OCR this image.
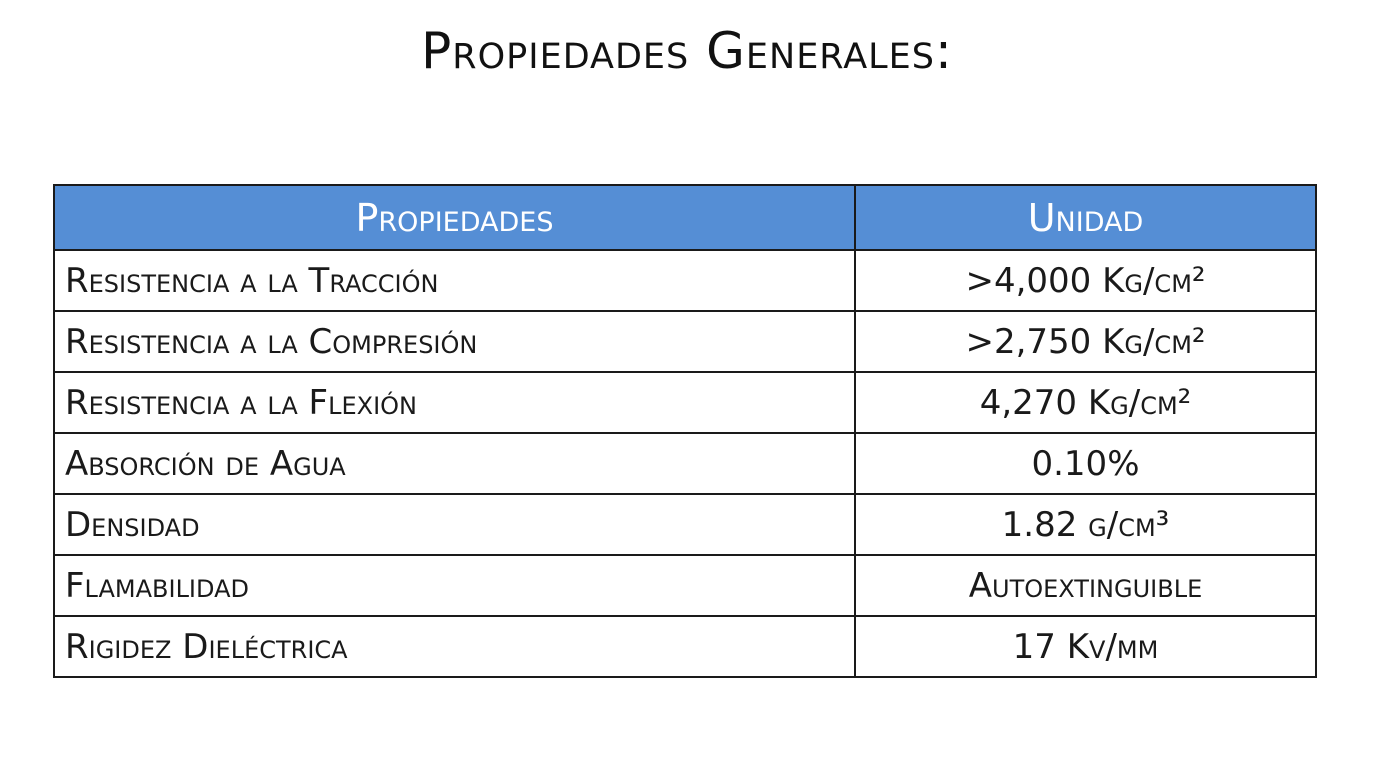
Propiedades Generales:
Propiedades	Unidad
Resistencia a la Tracción	>4,000 Kg/cm²
Resistencia a la Compresión	>2,750 Kg/cm²
Resistencia a la Flexión	4,270 Kg/cm²
Absorción de Agua	0.10%
Densidad	1.82 g/cm³
Flamabilidad	Autoextinguible
Rigidez Dieléctrica	17 Kv/mm
